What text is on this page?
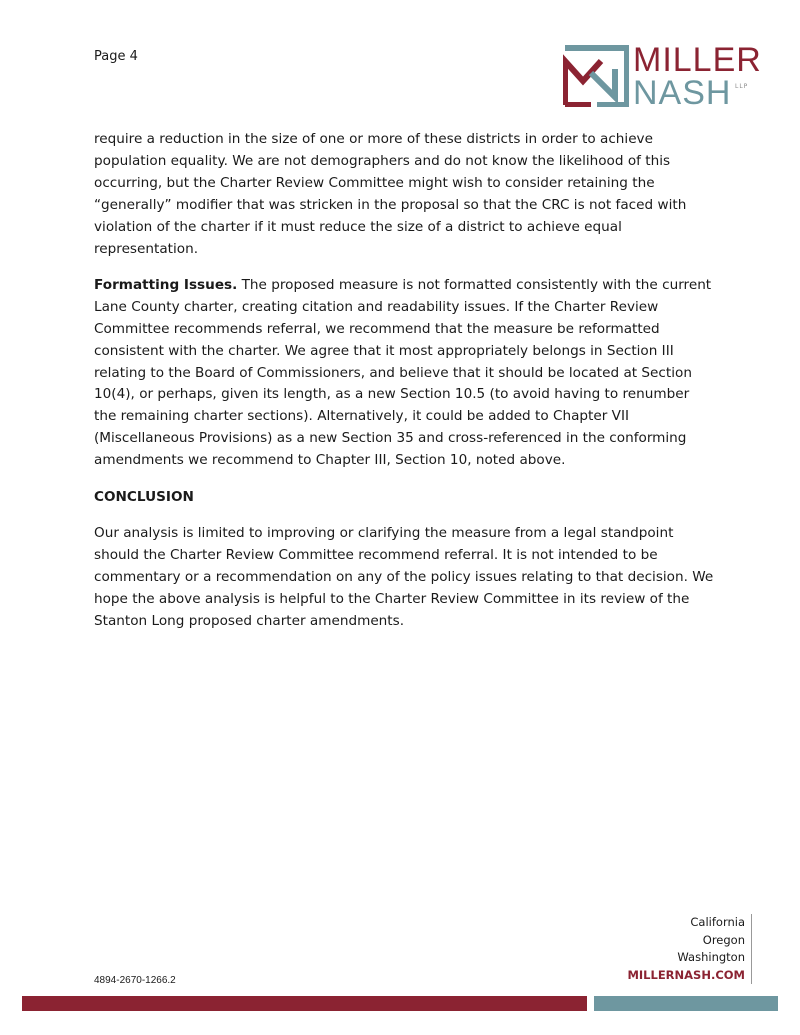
Page 4	MILLER
NASH LLP

require a reduction in the size of one or more of these districts in order to achieve population equality. We are not demographers and do not know the likelihood of this occurring, but the Charter Review Committee might wish to consider retaining the “generally” modifier that was stricken in the proposal so that the CRC is not faced with violation of the charter if it must reduce the size of a district to achieve equal representation.

Formatting Issues. The proposed measure is not formatted consistently with the current Lane County charter, creating citation and readability issues. If the Charter Review Committee recommends referral, we recommend that the measure be reformatted consistent with the charter. We agree that it most appropriately belongs in Section III relating to the Board of Commissioners, and believe that it should be located at Section 10(4), or perhaps, given its length, as a new Section 10.5 (to avoid having to renumber the remaining charter sections). Alternatively, it could be added to Chapter VII (Miscellaneous Provisions) as a new Section 35 and cross-referenced in the conforming amendments we recommend to Chapter III, Section 10, noted above.

CONCLUSION

Our analysis is limited to improving or clarifying the measure from a legal standpoint should the Charter Review Committee recommend referral. It is not intended to be commentary or a recommendation on any of the policy issues relating to that decision. We hope the above analysis is helpful to the Charter Review Committee in its review of the Stanton Long proposed charter amendments.

California
Oregon
Washington
MILLERNASH.COM
4894-2670-1266.2
